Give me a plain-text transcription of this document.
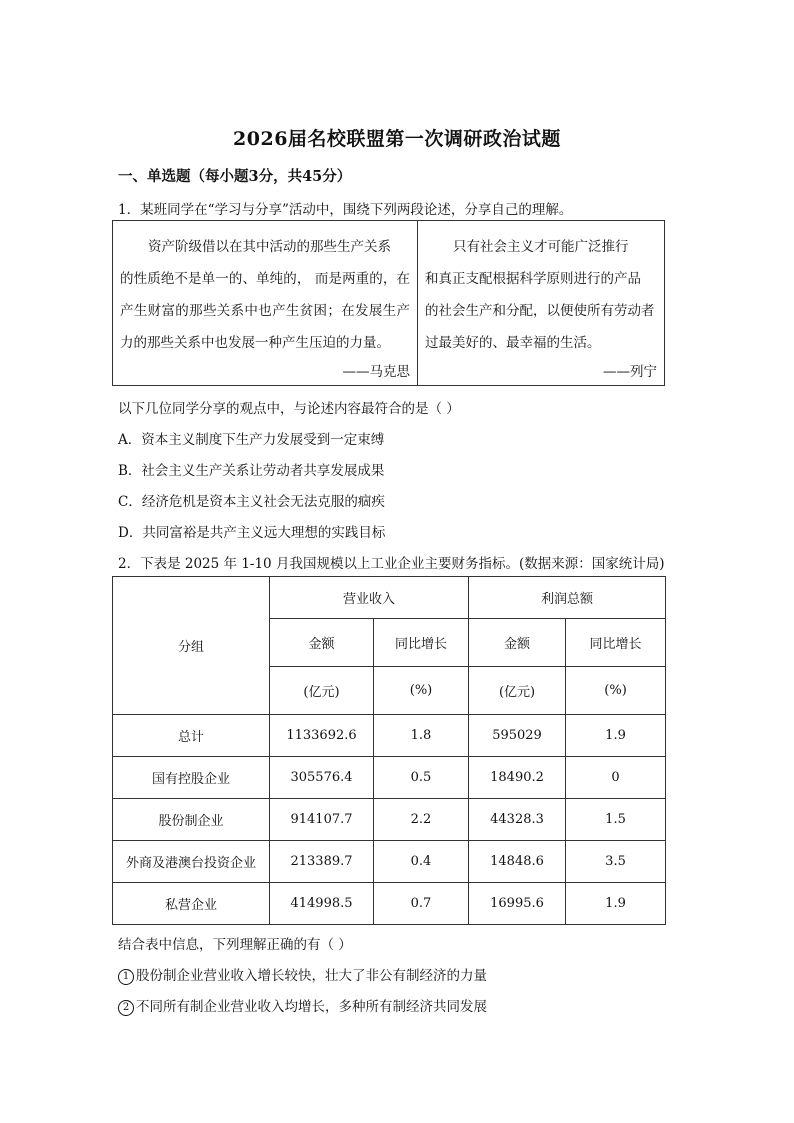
2026届名校联盟第一次调研政治试题
一、单选题（每小题3分，共45分）
1．某班同学在“学习与分享”活动中，围绕下列两段论述，分享自己的理解。
资产阶级借以在其中活动的那些生产关系
的性质绝不是单一的、单纯的， 而是两重的，在
产生财富的那些关系中也产生贫困；在发展生产
力的那些关系中也发展一种产生压迫的力量。
——马克思
只有社会主义才可能广泛推行
和真正支配根据科学原则进行的产品
的社会生产和分配，以便使所有劳动者
过最美好的、最幸福的生活。
——列宁
以下几位同学分享的观点中，与论述内容最符合的是（ ）
A．资本主义制度下生产力发展受到一定束缚
B．社会主义生产关系让劳动者共享发展成果
C．经济危机是资本主义社会无法克服的痼疾
D．共同富裕是共产主义远大理想的实践目标
2．下表是 2025 年 1-10 月我国规模以上工业企业主要财务指标。(数据来源：国家统计局)
分组	营业收入		利润总额	
	金额	同比增长	金额	同比增长
	(亿元)	(%)	(亿元)	(%)
总计	1133692.6	1.8	595029	1.9
国有控股企业	305576.4	0.5	18490.2	0
股份制企业	914107.7	2.2	44328.3	1.5
外商及港澳台投资企业	213389.7	0.4	14848.6	3.5
私营企业	414998.5	0.7	16995.6	1.9
结合表中信息，下列理解正确的有（ ）
1 股份制企业营业收入增长较快，壮大了非公有制经济的力量
2 不同所有制企业营业收入均增长，多种所有制经济共同发展
